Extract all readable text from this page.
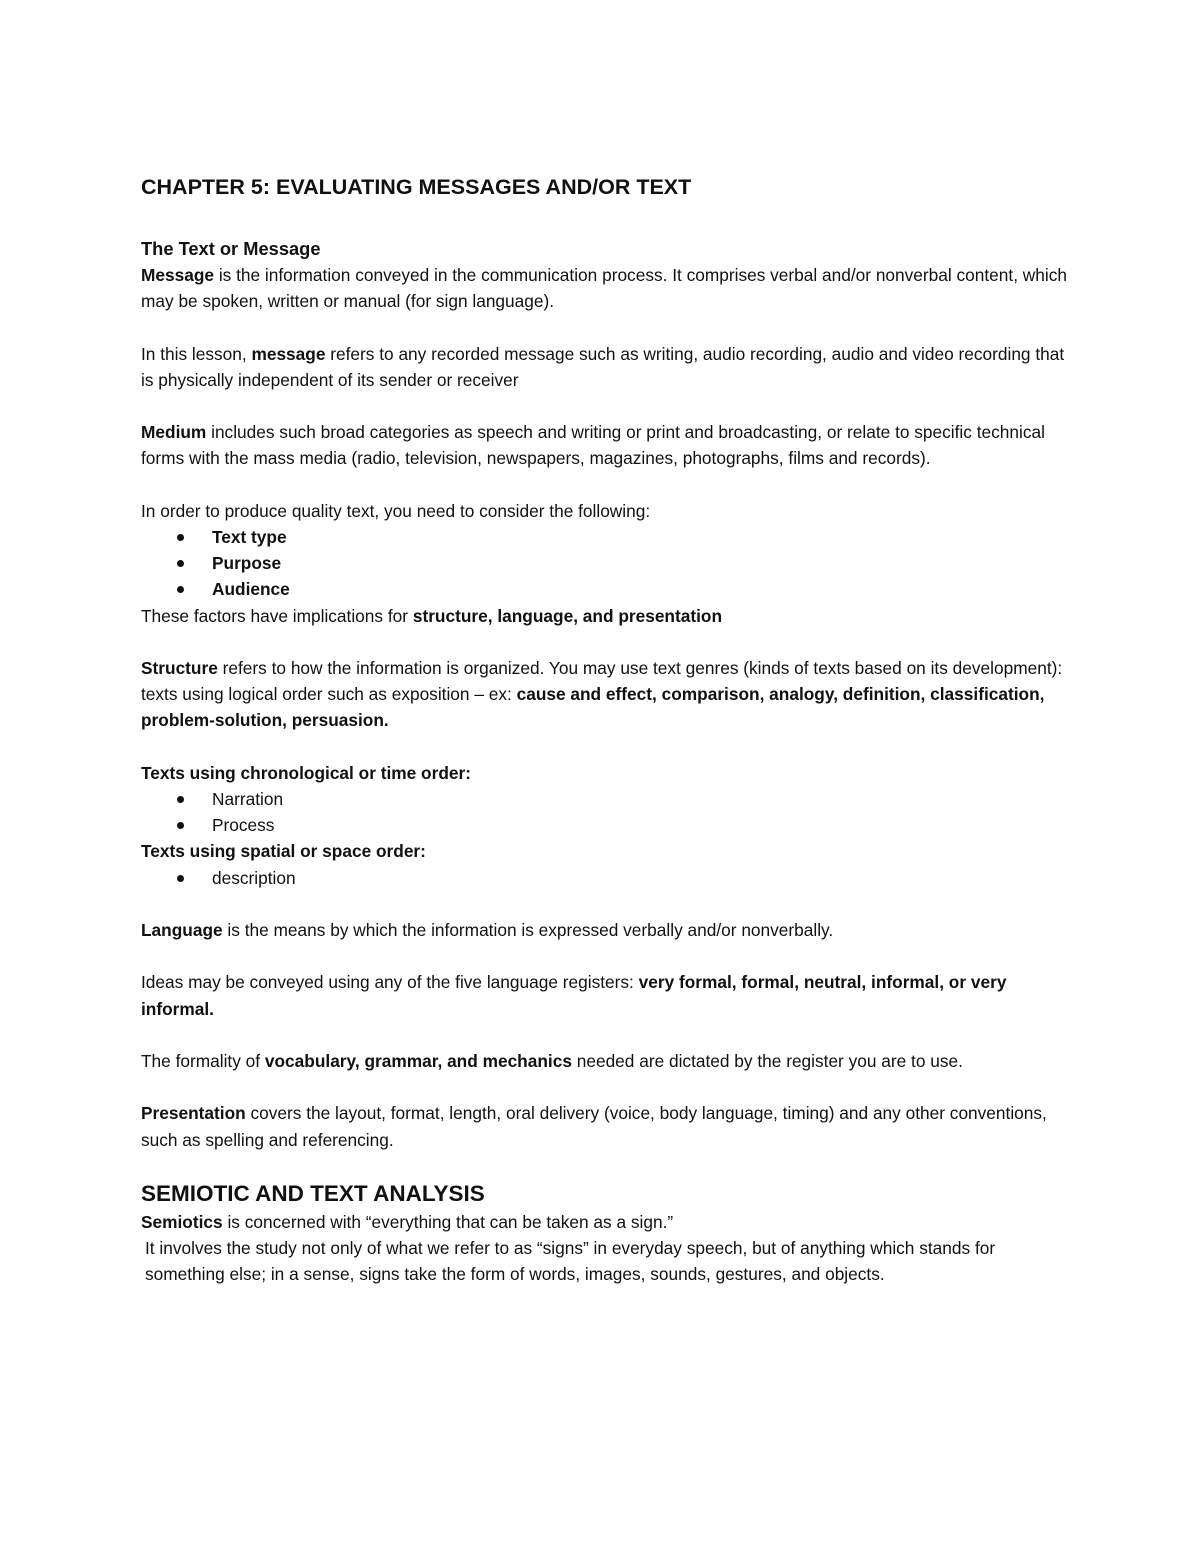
CHAPTER 5: EVALUATING MESSAGES AND/OR TEXT
The Text or Message

Message is the information conveyed in the communication process. It comprises verbal and/or nonverbal content, which may be spoken, written or manual (for sign language).

In this lesson, message refers to any recorded message such as writing, audio recording, audio and video recording that is physically independent of its sender or receiver

Medium includes such broad categories as speech and writing or print and broadcasting, or relate to specific technical forms with the mass media (radio, television, newspapers, magazines, photographs, films and records).

In order to produce quality text, you need to consider the following:

Text type
Purpose
Audience

These factors have implications for structure, language, and presentation

Structure refers to how the information is organized. You may use text genres (kinds of texts based on its development): texts using logical order such as exposition – ex: cause and effect, comparison, analogy, definition, classification, problem-solution, persuasion.

Texts using chronological or time order:

Narration
Process

Texts using spatial or space order:

description

Language is the means by which the information is expressed verbally and/or nonverbally.

Ideas may be conveyed using any of the five language registers: very formal, formal, neutral, informal, or very informal.

The formality of vocabulary, grammar, and mechanics needed are dictated by the register you are to use.

Presentation covers the layout, format, length, oral delivery (voice, body language, timing) and any other conventions, such as spelling and referencing.

SEMIOTIC AND TEXT ANALYSIS

Semiotics is concerned with “everything that can be taken as a sign.”

It involves the study not only of what we refer to as “signs” in everyday speech, but of anything which stands for something else; in a sense, signs take the form of words, images, sounds, gestures, and objects.
